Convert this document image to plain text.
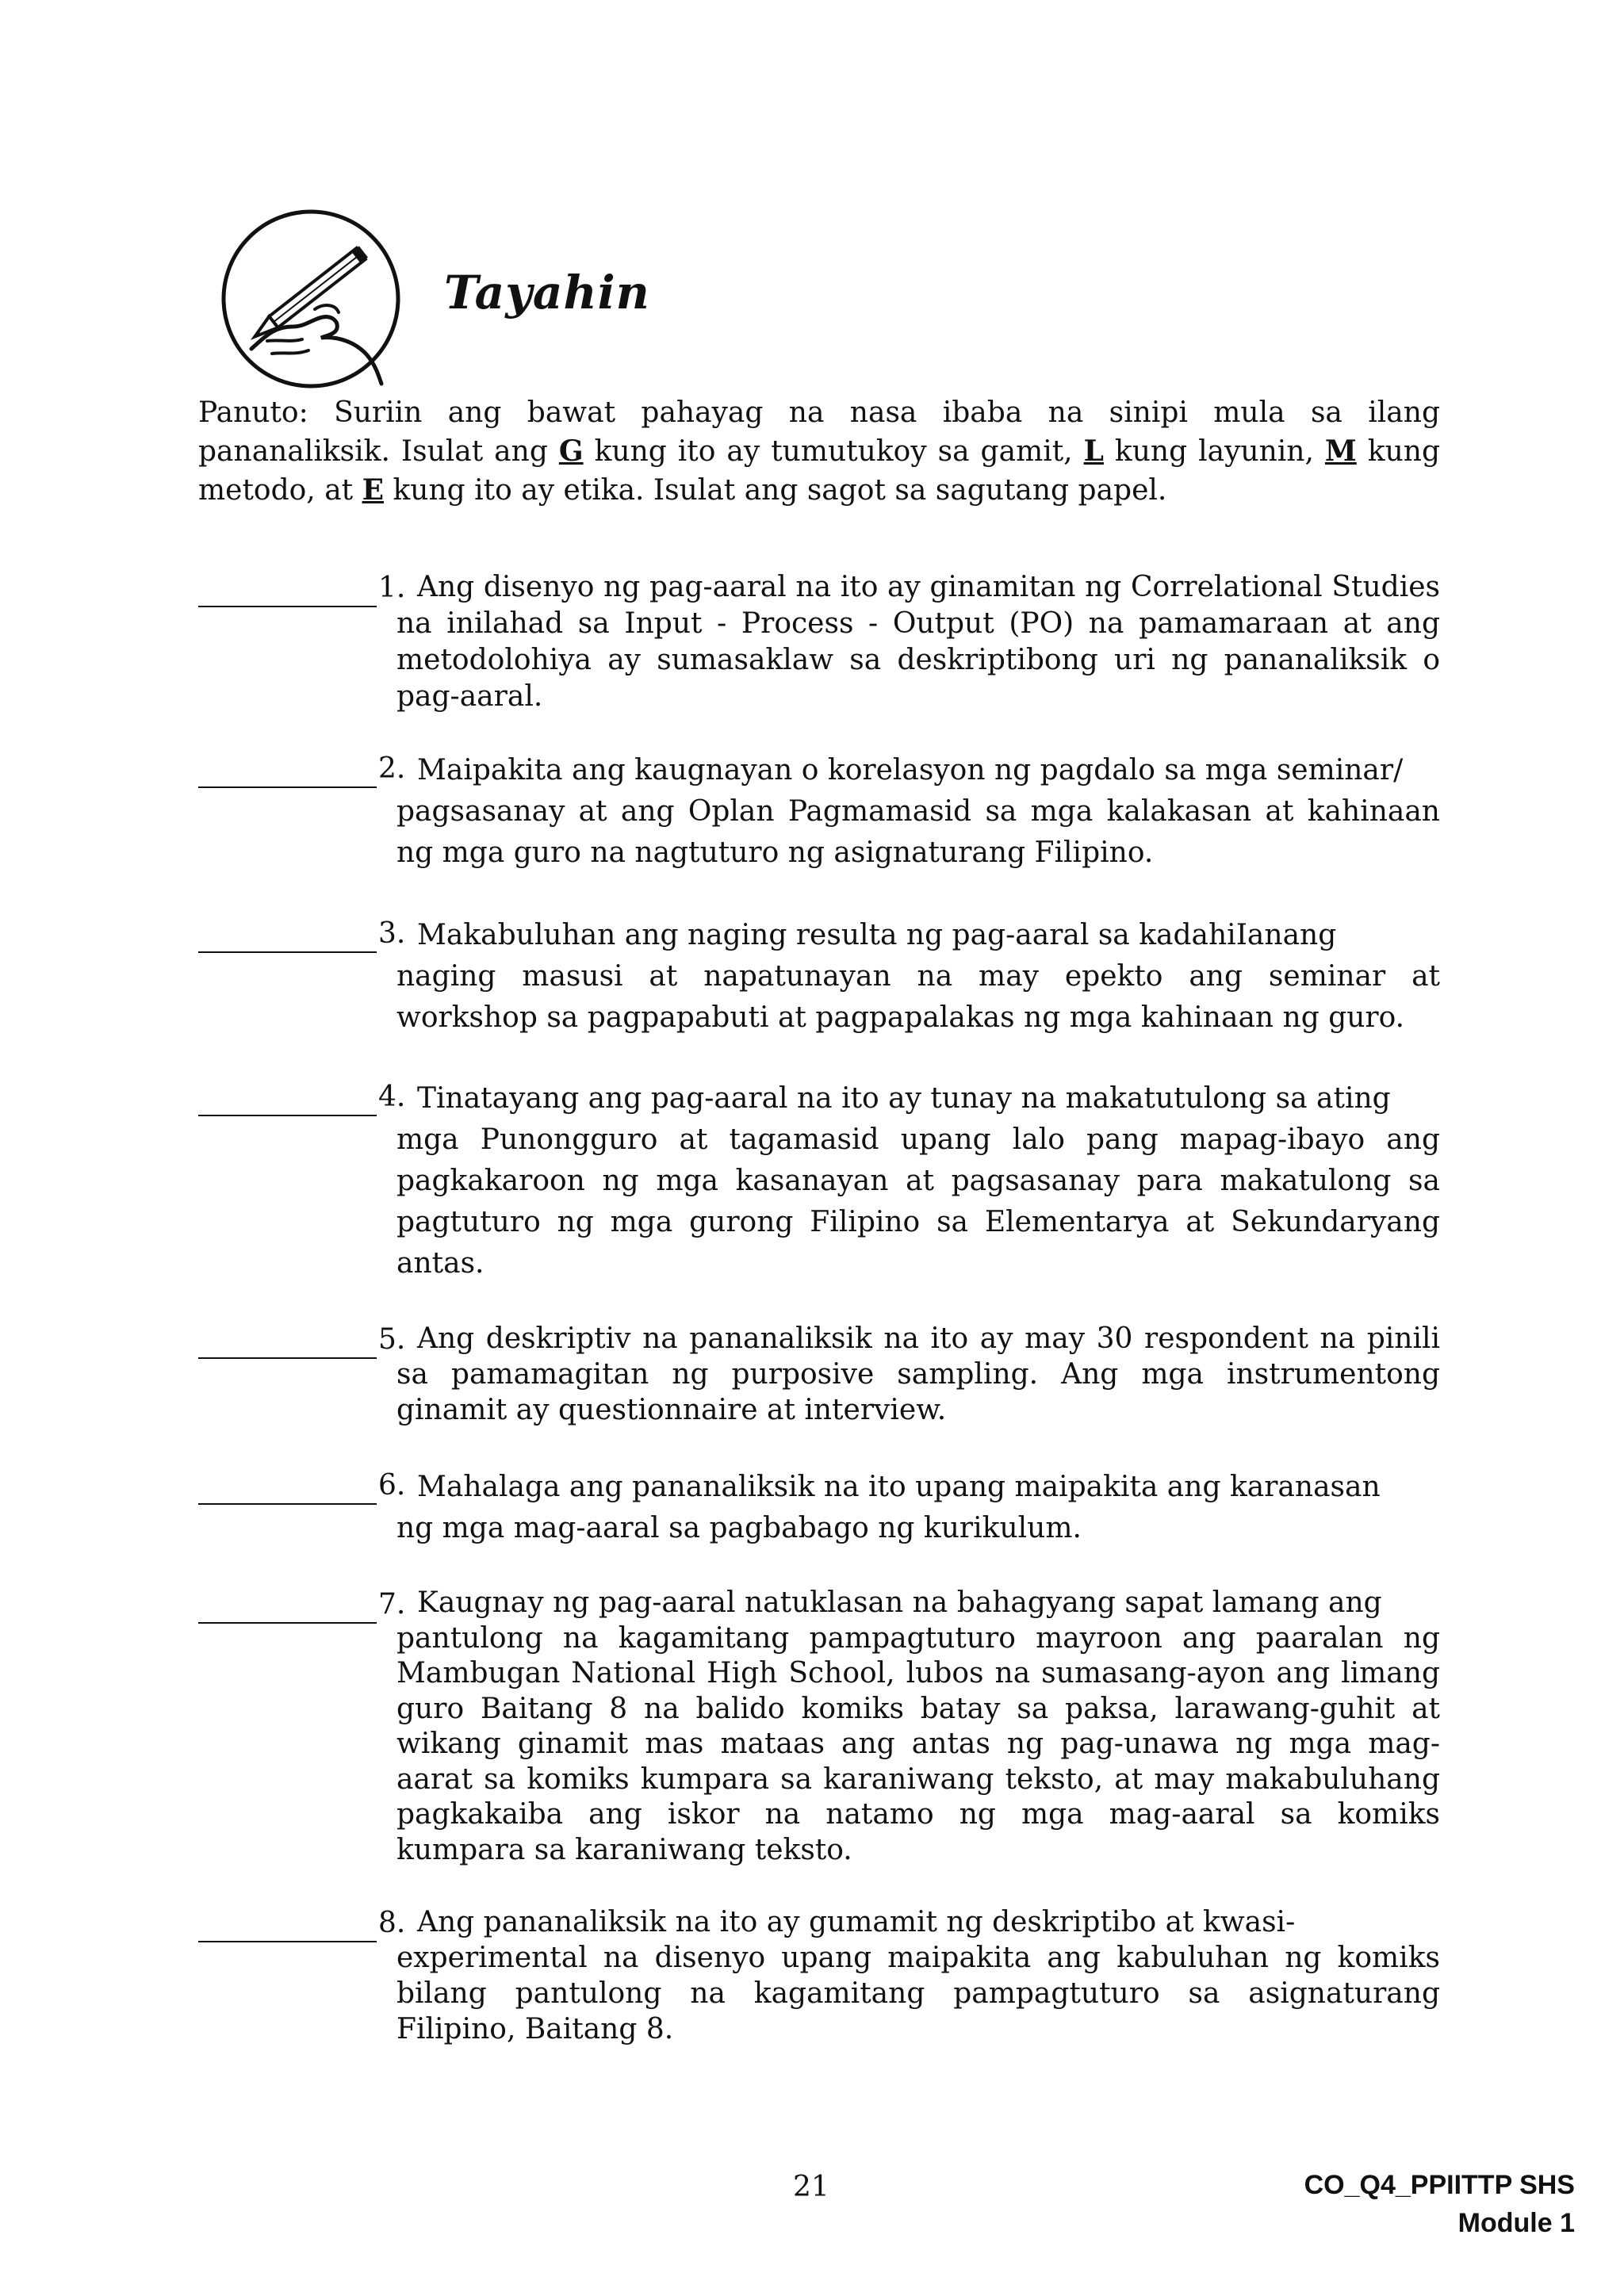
Tayahin

Panuto: Suriin ang bawat pahayag na nasa ibaba na sinipi mula sa ilang pananaliksik. Isulat ang G kung ito ay tumutukoy sa gamit, L kung layunin, M kung metodo, at E kung ito ay etika. Isulat ang sagot sa sagutang papel.

1. Ang disenyo ng pag-aaral na ito ay ginamitan ng Correlational Studies

na inilahad sa Input - Process - Output (PO) na pamamaraan at ang

metodolohiya ay sumasaklaw sa deskriptibong uri ng pananaliksik o

pag-aaral.

2. Maipakita ang kaugnayan o korelasyon ng pagdalo sa mga seminar/

pagsasanay at ang Oplan Pagmamasid sa mga kalakasan at kahinaan

ng mga guro na nagtuturo ng asignaturang Filipino.

3. Makabuluhan ang naging resulta ng pag-aaral sa kadahiIanang

naging masusi at napatunayan na may epekto ang seminar at

workshop sa pagpapabuti at pagpapalakas ng mga kahinaan ng guro.

4. Tinatayang ang pag-aaral na ito ay tunay na makatutulong sa ating

mga Punongguro at tagamasid upang lalo pang mapag-ibayo ang

pagkakaroon ng mga kasanayan at pagsasanay para makatulong sa

pagtuturo ng mga gurong Filipino sa Elementarya at Sekundaryang

antas.

5. Ang deskriptiv na pananaliksik na ito ay may 30 respondent na pinili

sa pamamagitan ng purposive sampling. Ang mga instrumentong

ginamit ay questionnaire at interview.

6. Mahalaga ang pananaliksik na ito upang maipakita ang karanasan

ng mga mag-aaral sa pagbabago ng kurikulum.

7. Kaugnay ng pag-aaral natuklasan na bahagyang sapat lamang ang

pantulong na kagamitang pampagtuturo mayroon ang paaralan ng

Mambugan National High School, lubos na sumasang-ayon ang limang

guro Baitang 8 na balido komiks batay sa paksa, larawang-guhit at

wikang ginamit mas mataas ang antas ng pag-unawa ng mga mag-

aarat sa komiks kumpara sa karaniwang teksto, at may makabuluhang

pagkakaiba ang iskor na natamo ng mga mag-aaral sa komiks

kumpara sa karaniwang teksto.

8. Ang pananaliksik na ito ay gumamit ng deskriptibo at kwasi-

experimental na disenyo upang maipakita ang kabuluhan ng komiks

bilang pantulong na kagamitang pampagtuturo sa asignaturang

Filipino, Baitang 8.

21	CO_Q4_PPIITTP SHS
Module 1
